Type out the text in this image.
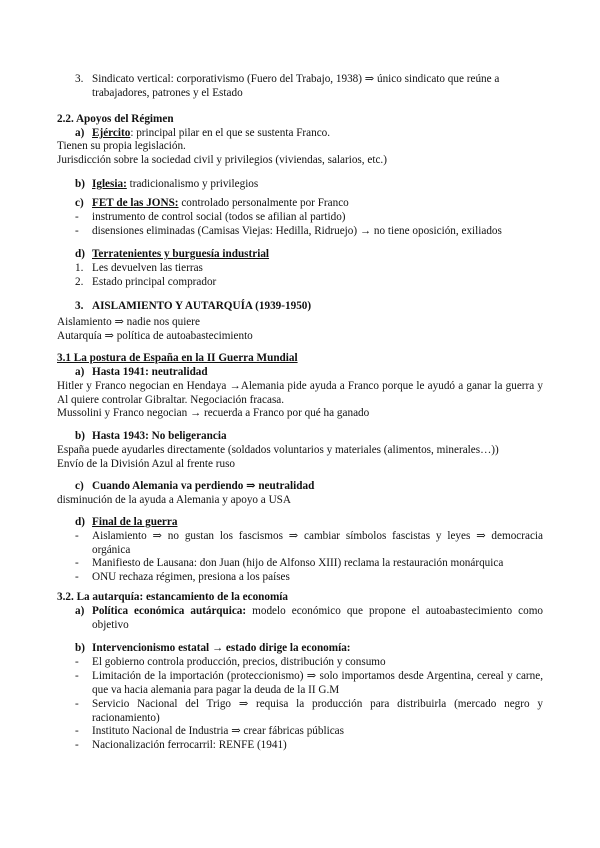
3. Sindicato vertical: corporativismo (Fuero del Trabajo, 1938) ⇒ único sindicato que reúne a trabajadores, patrones y el Estado
2.2. Apoyos del Régimen
a) Ejército: principal pilar en el que se sustenta Franco.
Tienen su propia legislación.
Jurisdicción sobre la sociedad civil y privilegios (viviendas, salarios, etc.)
b) Iglesia: tradicionalismo y privilegios
c) FET de las JONS: controlado personalmente por Franco
- instrumento de control social (todos se afilian al partido)
- disensiones eliminadas (Camisas Viejas: Hedilla, Ridruejo) → no tiene oposición, exiliados
d) Terratenientes y burguesía industrial
1. Les devuelven las tierras
2. Estado principal comprador
3. AISLAMIENTO Y AUTARQUÍA (1939-1950)
Aislamiento ⇒ nadie nos quiere
Autarquía ⇒ política de autoabastecimiento
3.1 La postura de España en la II Guerra Mundial
a) Hasta 1941: neutralidad
Hitler y Franco negocian en Hendaya →Alemania pide ayuda a Franco porque le ayudó a ganar la guerra y Al quiere controlar Gibraltar. Negociación fracasa.
Mussolini y Franco negocian → recuerda a Franco por qué ha ganado
b) Hasta 1943: No beligerancia
España puede ayudarles directamente (soldados voluntarios y materiales (alimentos, minerales…))
Envío de la División Azul al frente ruso
c) Cuando Alemania va perdiendo ⇒ neutralidad
disminución de la ayuda a Alemania y apoyo a USA
d) Final de la guerra
- Aislamiento ⇒ no gustan los fascismos ⇒ cambiar símbolos fascistas y leyes ⇒ democracia orgánica
- Manifiesto de Lausana: don Juan (hijo de Alfonso XIII) reclama la restauración monárquica
- ONU rechaza régimen, presiona a los países
3.2. La autarquía: estancamiento de la economía
a) Política económica autárquica: modelo económico que propone el autoabastecimiento como objetivo
b) Intervencionismo estatal → estado dirige la economía:
- El gobierno controla producción, precios, distribución y consumo
- Limitación de la importación (proteccionismo) ⇒ solo importamos desde Argentina, cereal y carne, que va hacia alemania para pagar la deuda de la II G.M
- Servicio Nacional del Trigo ⇒ requisa la producción para distribuirla (mercado negro y racionamiento)
- Instituto Nacional de Industria ⇒ crear fábricas públicas
- Nacionalización ferrocarril: RENFE (1941)
